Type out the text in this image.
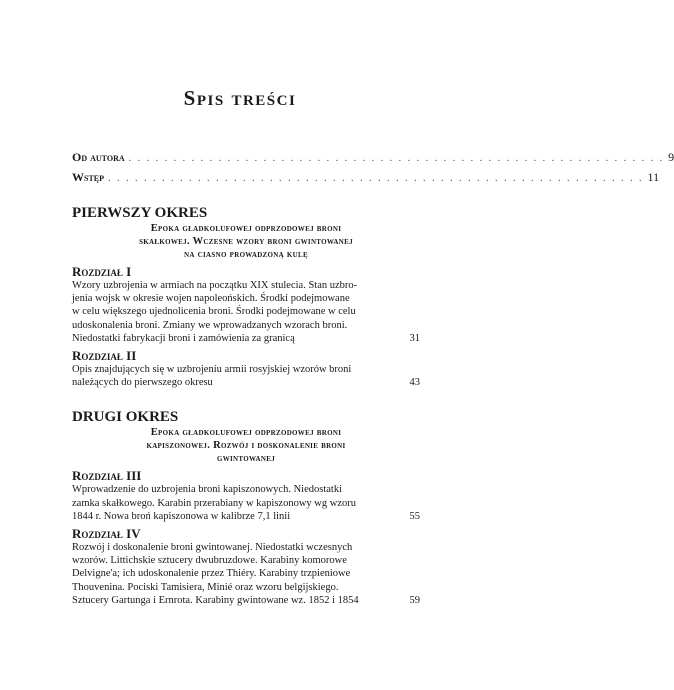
Spis treści
Od autora . . . . . . . . . . . . . . . . . . . . . . . . . . . . . . . . . . . . . . . . . . . . . . . . . . . . . . . . . . . . 9
Wstęp . . . . . . . . . . . . . . . . . . . . . . . . . . . . . . . . . . . . . . . . . . . . . . . . . . . . . . . . . . . . 11
PIERWSZY OKRES
Epoka gładkolufowej odprzodowej broni
skałkowej. Wczesne wzory broni gwintowanej
na ciasno prowadzoną kulę
Rozdział I
Wzory uzbrojenia w armiach na początku XIX stulecia. Stan uzbro-
jenia wojsk w okresie wojen napoleońskich. Środki podejmowane
w celu większego ujednolicenia broni. Środki podejmowane w celu
udoskonalenia broni. Zmiany we wprowadzanych wzorach broni.
Niedostatki fabrykacji broni i zamówienia za granicą	31
Rozdział II
Opis znajdujących się w uzbrojeniu armii rosyjskiej wzorów broni
należących do pierwszego okresu	43
DRUGI OKRES
Epoka gładkolufowej odprzodowej broni
kapiszonowej. Rozwój i doskonalenie broni
gwintowanej
Rozdział III
Wprowadzenie do uzbrojenia broni kapiszonowych. Niedostatki
zamka skałkowego. Karabin przerabiany w kapiszonowy wg wzoru
1844 r. Nowa broń kapiszonowa w kalibrze 7,1 linii	55
Rozdział IV
Rozwój i doskonalenie broni gwintowanej. Niedostatki wczesnych
wzorów. Littichskie sztucery dwubruzdowe. Karabiny komorowe
Delvigne'a; ich udoskonalenie przez Thiéry. Karabiny trzpieniowe
Thouvenina. Pociski Tamisiera, Minié oraz wzoru belgijskiego.
Sztucery Gartunga i Ernrota. Karabiny gwintowane wz. 1852 i 1854	59
